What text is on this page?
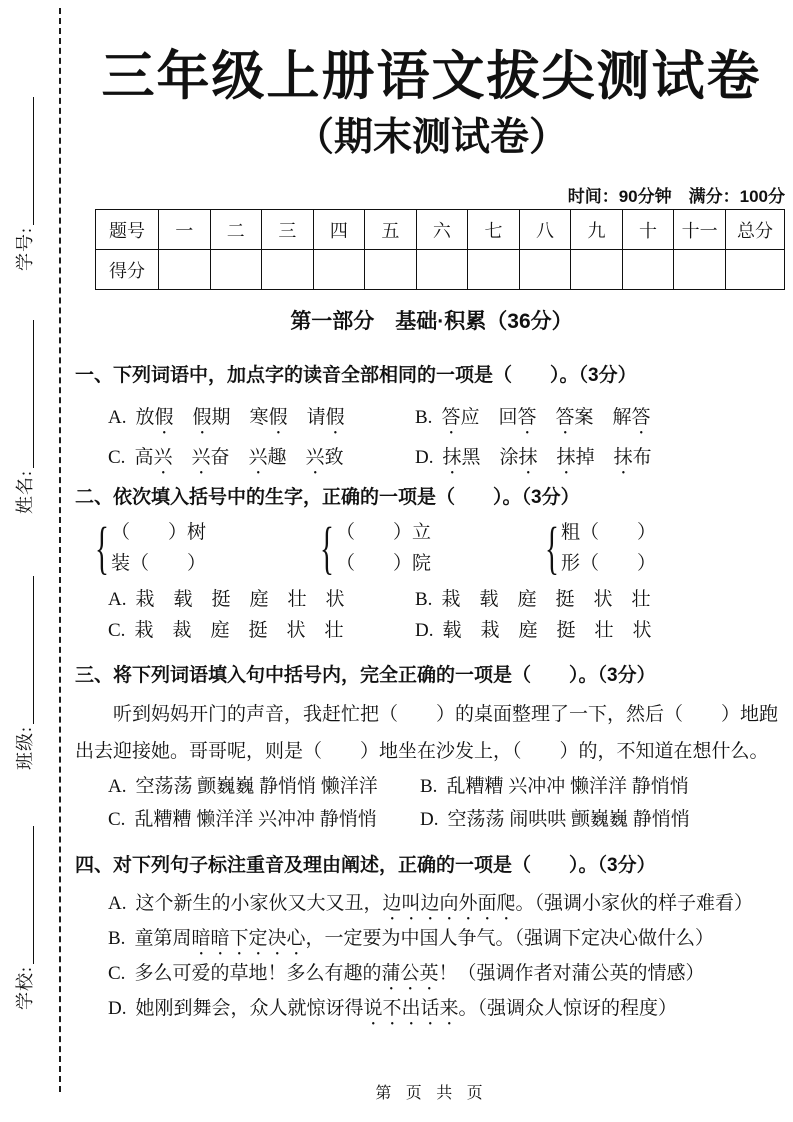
学号:
姓名:
班级:
学校:
三年级上册语文拔尖测试卷
（期末测试卷）
时间：90分钟　满分：100分
题号	一	二	三	四	五	六	七	八	九	十	十一	总分
得分												
第一部分　基础·积累（36分）
一、下列词语中，加点字的读音全部相同的一项是（　　）。（3分）
A. 放假　 假期　寒假　请假	B. 答应　回答　 答案　解答
C. 高兴　 兴奋　兴趣　兴致	D. 抹黑　涂抹　 抹掉　抹布
二、依次填入括号中的生字，正确的一项是（　　）。（3分）
{ （　　）树
装（　　） { （　　）立
（　　）院 { 粗（　　）
形（　　）
A. 栽　载　挺　庭　壮　状	B. 栽　载　庭　挺　状　壮
C. 栽　裁　庭　挺　状　壮	D. 载　栽　庭　挺　壮　状
三、将下列词语填入句中括号内，完全正确的一项是（　　）。（3分）
听到妈妈开门的声音，我赶忙把（　　）的桌面整理了一下，然后（　　）地跑出去迎接她。哥哥呢，则是（　　）地坐在沙发上，（　　）的，不知道在想什么。
A. 空荡荡 颤巍巍 静悄悄 懒洋洋	B. 乱糟糟 兴冲冲 懒洋洋 静悄悄
C. 乱糟糟 懒洋洋 兴冲冲 静悄悄	D. 空荡荡 闹哄哄 颤巍巍 静悄悄
四、对下列句子标注重音及理由阐述，正确的一项是（　　）。（3分）
A. 这个新生的小家伙又大又丑，边叫边向外面爬。（强调小家伙的样子难看）
B. 童第周暗暗下定决心，一定要为中国人争气。（强调下定决心做什么）
C. 多么可爱的草地！多么有趣的蒲公英！（强调作者对蒲公英的情感）
D. 她刚到舞会，众人就惊讶得说不出话来。（强调众人惊讶的程度）
第 页 共 页
